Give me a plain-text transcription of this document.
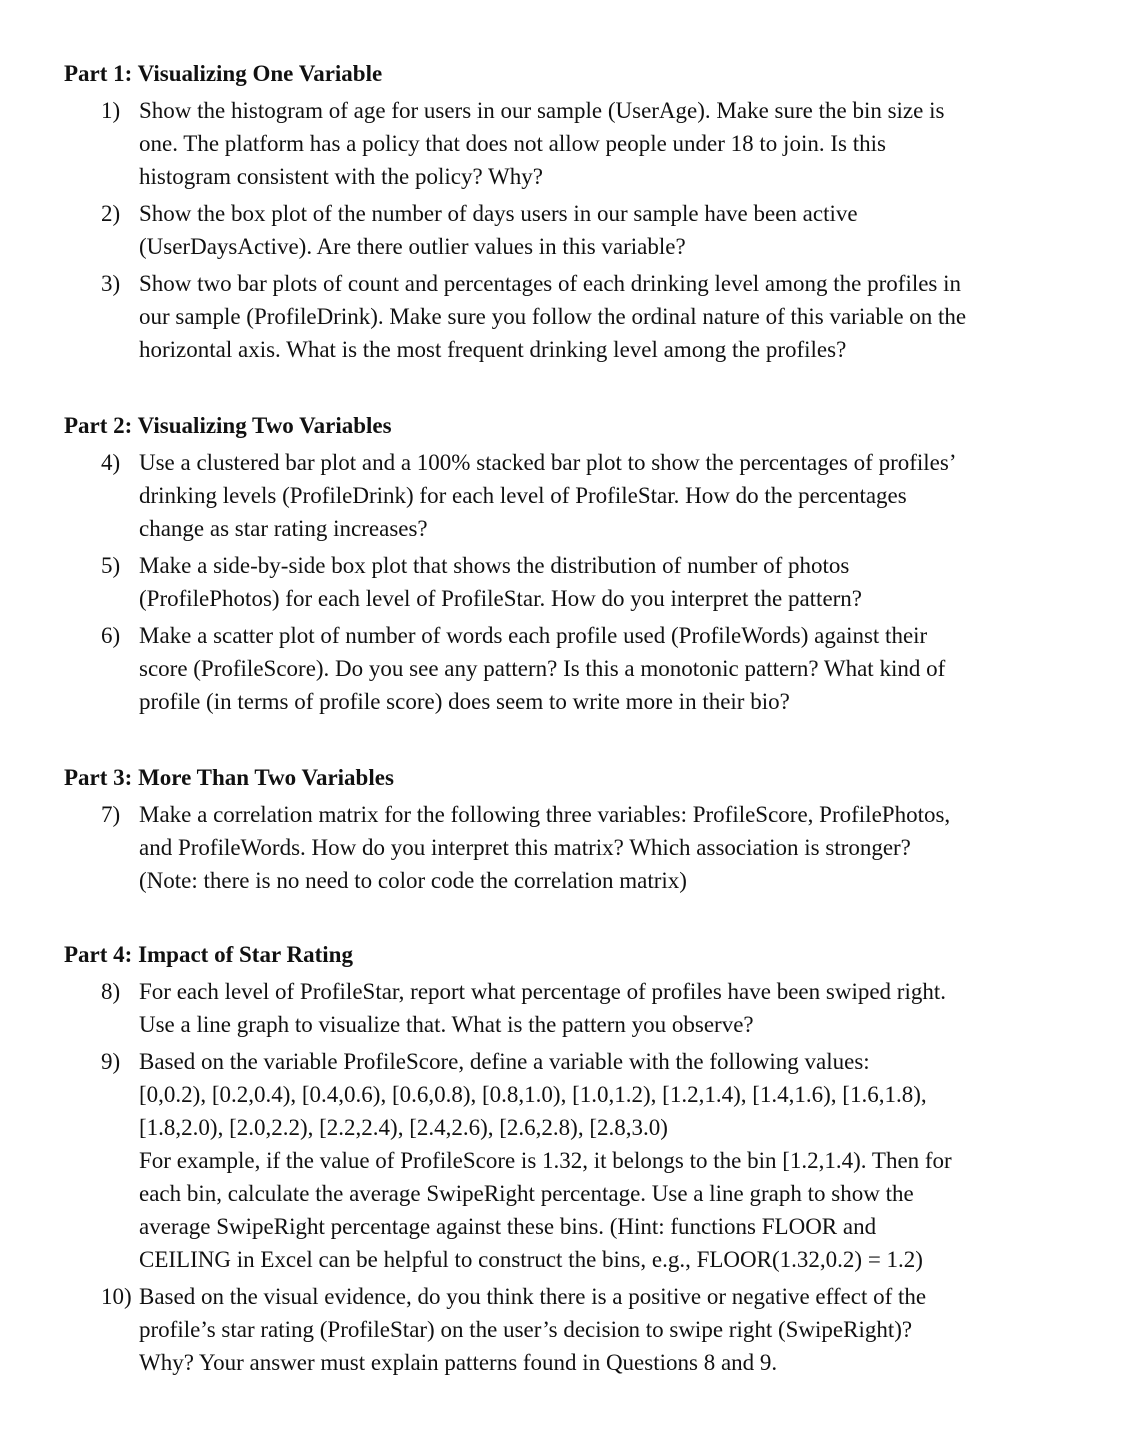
Part 1: Visualizing One Variable
1) Show the histogram of age for users in our sample (UserAge). Make sure the bin size is
one. The platform has a policy that does not allow people under 18 to join. Is this
histogram consistent with the policy? Why?
2) Show the box plot of the number of days users in our sample have been active
(UserDaysActive). Are there outlier values in this variable?
3) Show two bar plots of count and percentages of each drinking level among the profiles in
our sample (ProfileDrink). Make sure you follow the ordinal nature of this variable on the
horizontal axis. What is the most frequent drinking level among the profiles?
Part 2: Visualizing Two Variables
4) Use a clustered bar plot and a 100% stacked bar plot to show the percentages of profiles’
drinking levels (ProfileDrink) for each level of ProfileStar. How do the percentages
change as star rating increases?
5) Make a side-by-side box plot that shows the distribution of number of photos
(ProfilePhotos) for each level of ProfileStar. How do you interpret the pattern?
6) Make a scatter plot of number of words each profile used (ProfileWords) against their
score (ProfileScore). Do you see any pattern? Is this a monotonic pattern? What kind of
profile (in terms of profile score) does seem to write more in their bio?
Part 3: More Than Two Variables
7) Make a correlation matrix for the following three variables: ProfileScore, ProfilePhotos,
and ProfileWords. How do you interpret this matrix? Which association is stronger?
(Note: there is no need to color code the correlation matrix)
Part 4: Impact of Star Rating
8) For each level of ProfileStar, report what percentage of profiles have been swiped right.
Use a line graph to visualize that. What is the pattern you observe?
9) Based on the variable ProfileScore, define a variable with the following values:
[0,0.2), [0.2,0.4), [0.4,0.6), [0.6,0.8), [0.8,1.0), [1.0,1.2), [1.2,1.4), [1.4,1.6), [1.6,1.8),
[1.8,2.0), [2.0,2.2), [2.2,2.4), [2.4,2.6), [2.6,2.8), [2.8,3.0)
For example, if the value of ProfileScore is 1.32, it belongs to the bin [1.2,1.4). Then for
each bin, calculate the average SwipeRight percentage. Use a line graph to show the
average SwipeRight percentage against these bins. (Hint: functions FLOOR and
CEILING in Excel can be helpful to construct the bins, e.g., FLOOR(1.32,0.2) = 1.2)
10) Based on the visual evidence, do you think there is a positive or negative effect of the
profile’s star rating (ProfileStar) on the user’s decision to swipe right (SwipeRight)?
Why? Your answer must explain patterns found in Questions 8 and 9.
